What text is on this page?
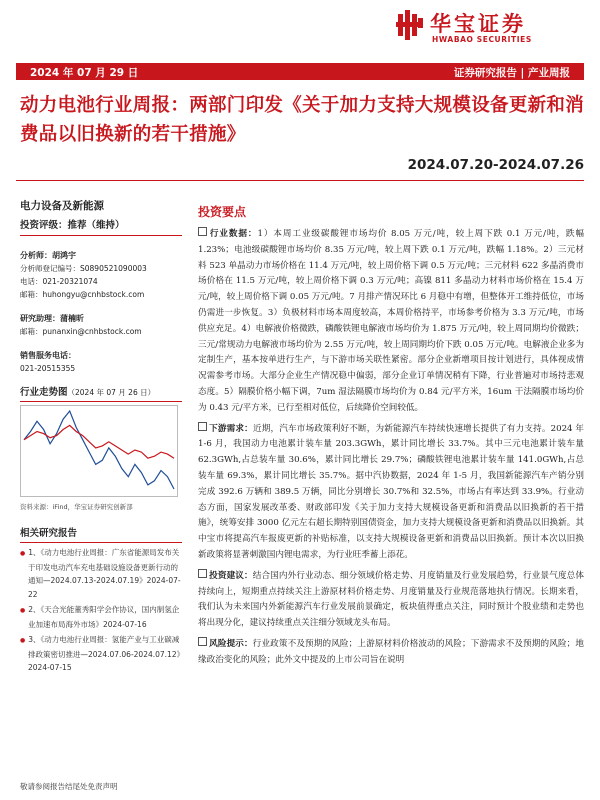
华宝证券
HWABAO SECURITIES
2024 年 07 月 29 日	证券研究报告 | 产业周报
动力电池行业周报：两部门印发《关于加力支持大规模设备更新和消费品以旧换新的若干措施》
2024.07.20-2024.07.26
电力设备及新能源
投资评级：推荐（维持）
分析师：胡鸿宇
分析师登记编号：S0890521090003
电话：021-20321074
邮箱：huhongyu@cnhbstock.com
研究助理：蒲楠昕
邮箱：punanxin@cnhbstock.com
销售服务电话：
021-20515355
行业走势图（2024 年 07 月 26 日）
资料来源：iFind，华宝证券研究创新部
相关研究报告
● 1、《动力电池行业周报：广东省能源局发布关于印发电动汽车充电基础设施设备更新行动的通知—2024.07.13-2024.07.19》2024-07-22
● 2、《天合光能董秀阳学会作协议，国内制氢企业加速布局海外市场》2024-07-16
● 3、《动力电池行业周报：氢能产业与工业碳减排政策密切推进—2024.07.06-2024.07.12》2024-07-15
投资要点

行业数据：1）本周工业级碳酸锂市场均价 8.05 万元/吨，较上周下跌 0.1 万元/吨，跌幅 1.23%；电池级碳酸锂市场均价 8.35 万元/吨，较上周下跌 0.1 万元/吨，跌幅 1.18%。2）三元材料 523 单晶动力市场价格在 11.4 万元/吨，较上周价格下调 0.5 万元/吨；三元材料 622 多晶消费市场价格在 11.5 万元/吨，较上周价格下调 0.3 万元/吨；高镍 811 多晶动力材料市场价格在 15.4 万元/吨，较上周价格下调 0.05 万元/吨。7 月排产情况环比 6 月稳中有增，但整体开工维持低位，市场仍需进一步恢复。3）负极材料市场本周度较高，本周价格持平，市场参考价格为 3.3 万元/吨，市场供应充足。4）电解液价格微跌，磷酸铁锂电解液市场均价为 1.875 万元/吨，较上周同期均价微跌；三元/常规动力电解液市场均价为 2.55 万元/吨，较上周同期均价下跌 0.05 万元/吨。电解液企业多为定制生产，基本按单进行生产，与下游市场关联性紧密。部分企业新增项目按计划进行，具体视成情况需参考市场。大部分企业生产情况稳中偏弱，部分企业订单情况稍有下降，行业普遍对市场持悲观态度。5）隔膜价格小幅下调，7um 湿法隔膜市场均价为 0.84 元/平方米，16um 干法隔膜市场均价为 0.43 元/平方米，已行至相对低位，后续降价空间较低。

下游需求：近期，汽车市场政策利好不断，为新能源汽车持续快速增长提供了有力支持。2024 年 1-6 月，我国动力电池累计装车量 203.3GWh，累计同比增长 33.7%。其中三元电池累计装车量 62.3GWh,占总装车量 30.6%，累计同比增长 29.7%；磷酸铁锂电池累计装车量 141.0GWh,占总装车量 69.3%，累计同比增长 35.7%。据中汽协数据，2024 年 1-5 月，我国新能源汽车产销分别完成 392.6 万辆和 389.5 万辆，同比分别增长 30.7%和 32.5%，市场占有率达到 33.9%。行业动态方面，国家发展改革委、财政部印发《关于加力支持大规模设备更新和消费品以旧换新的若干措施》，统筹安排 3000 亿元左右超长期特别国债资金，加力支持大规模设备更新和消费品以旧换新。其中宝市将提高汽车报废更新的补贴标准，以支持大规模设备更新和消费品以旧换新。预计本次以旧换新政策将显著刺激国内锂电需求，为行业旺季蓄上添花。

投资建议：结合国内外行业动态、细分领域价格走势、月度销量及行业发展趋势，行业景气度总体持续向上，短期重点持续关注上游原材料价格走势、月度销量及行业规范落地执行情况。长期来看，我们认为未来国内外新能源汽车行业发展前景确定，板块值得重点关注，同时预计个股业绩和走势也将出现分化，建议持续重点关注细分领域龙头布局。

风险提示：行业政策不及预期的风险；上游原材料价格波动的风险；下游需求不及预期的风险；地缘政治变化的风险；此外文中提及的上市公司旨在说明

敬请参阅报告结尾处免责声明
